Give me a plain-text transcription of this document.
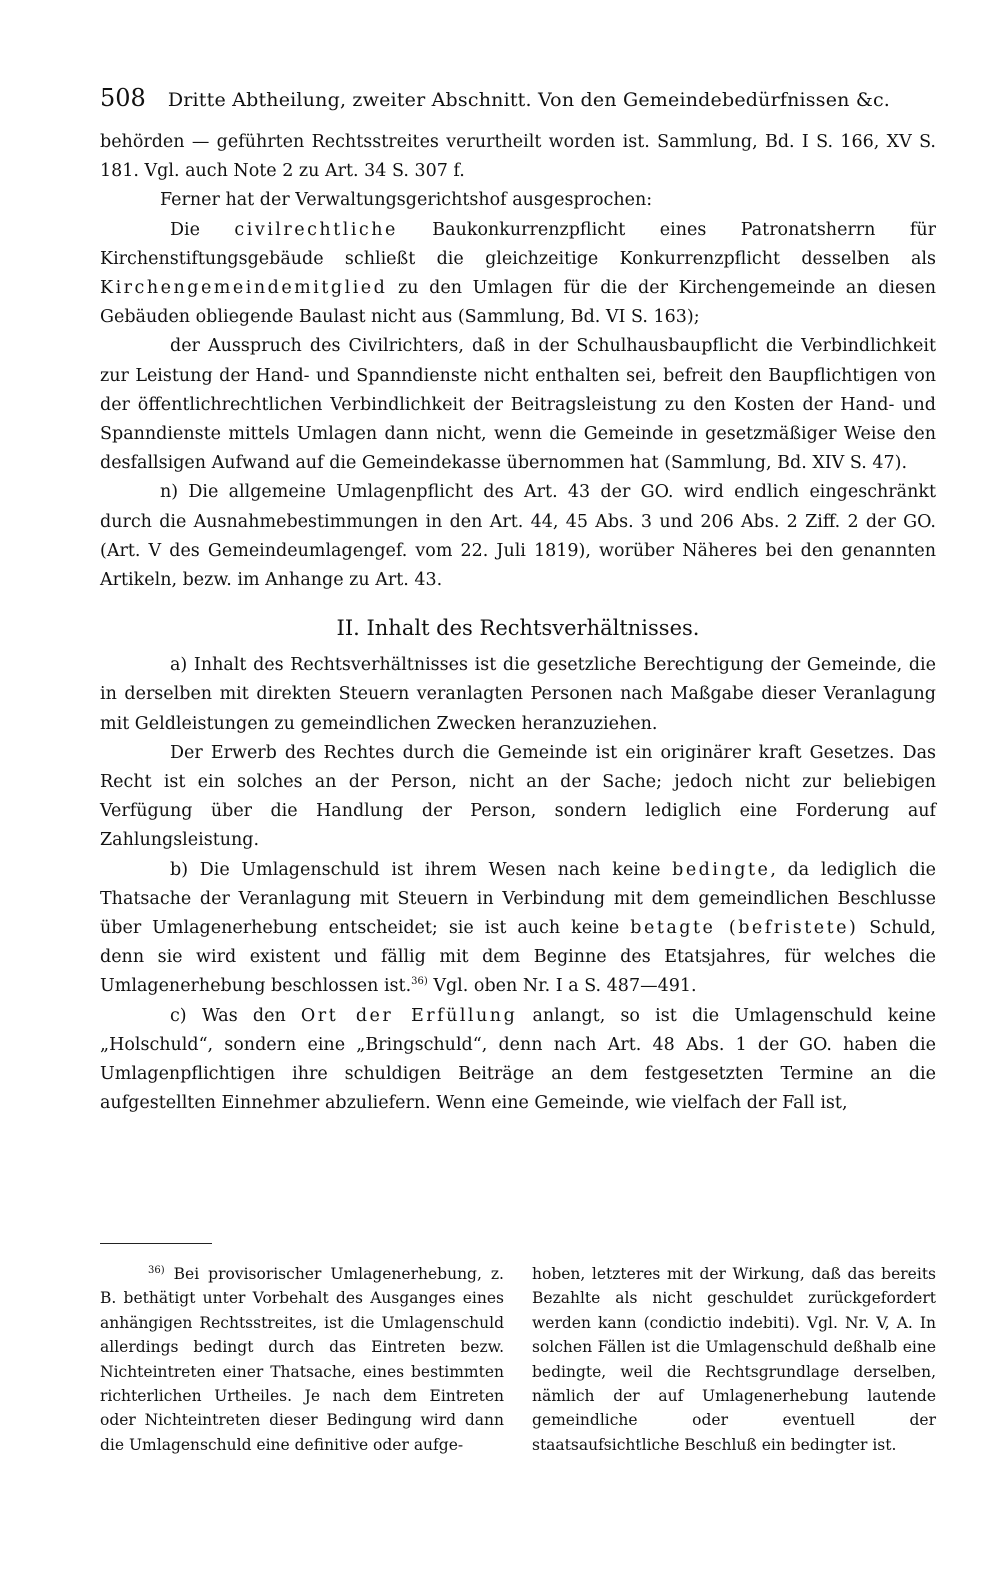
508 Dritte Abtheilung, zweiter Abschnitt. Von den Gemeindebedürfnissen &c.

behörden — geführten Rechtsstreites verurtheilt worden ist. Sammlung, Bd. I S. 166, XV S. 181. Vgl. auch Note 2 zu Art. 34 S. 307 f.

Ferner hat der Verwaltungsgerichtshof ausgesprochen:

Die civilrechtliche Baukonkurrenzpflicht eines Patronatsherrn für Kirchenstiftungsgebäude schließt die gleichzeitige Konkurrenzpflicht desselben als Kirchengemeindemitglied zu den Umlagen für die der Kirchengemeinde an diesen Gebäuden obliegende Baulast nicht aus (Sammlung, Bd. VI S. 163);

der Ausspruch des Civilrichters, daß in der Schulhausbaupflicht die Verbindlichkeit zur Leistung der Hand- und Spanndienste nicht enthalten sei, befreit den Baupflichtigen von der öffentlichrechtlichen Verbindlichkeit der Beitragsleistung zu den Kosten der Hand- und Spanndienste mittels Umlagen dann nicht, wenn die Gemeinde in gesetzmäßiger Weise den desfallsigen Aufwand auf die Gemeindekasse übernommen hat (Sammlung, Bd. XIV S. 47).

n) Die allgemeine Umlagenpflicht des Art. 43 der GO. wird endlich eingeschränkt durch die Ausnahmebestimmungen in den Art. 44, 45 Abs. 3 und 206 Abs. 2 Ziff. 2 der GO. (Art. V des Gemeindeumlagengef. vom 22. Juli 1819), worüber Näheres bei den genannten Artikeln, bezw. im Anhange zu Art. 43.

II. Inhalt des Rechtsverhältnisses.

a) Inhalt des Rechtsverhältnisses ist die gesetzliche Berechtigung der Gemeinde, die in derselben mit direkten Steuern veranlagten Personen nach Maßgabe dieser Veranlagung mit Geldleistungen zu gemeindlichen Zwecken heranzuziehen.

Der Erwerb des Rechtes durch die Gemeinde ist ein originärer kraft Gesetzes. Das Recht ist ein solches an der Person, nicht an der Sache; jedoch nicht zur beliebigen Verfügung über die Handlung der Person, sondern lediglich eine Forderung auf Zahlungsleistung.

b) Die Umlagenschuld ist ihrem Wesen nach keine bedingte, da lediglich die Thatsache der Veranlagung mit Steuern in Verbindung mit dem gemeindlichen Beschlusse über Umlagenerhebung entscheidet; sie ist auch keine betagte (befristete) Schuld, denn sie wird existent und fällig mit dem Beginne des Etatsjahres, für welches die Umlagenerhebung beschlossen ist.$^{36)}$ Vgl. oben Nr. I a S. 487—491.

c) Was den Ort der Erfüllung anlangt, so ist die Umlagenschuld keine „Holschuld“, sondern eine „Bringschuld“, denn nach Art. 48 Abs. 1 der GO. haben die Umlagenpflichtigen ihre schuldigen Beiträge an dem festgesetzten Termine an die aufgestellten Einnehmer abzuliefern. Wenn eine Gemeinde, wie vielfach der Fall ist,

$^{36)}$ Bei provisorischer Umlagenerhebung, z. B. bethätigt unter Vorbehalt des Ausganges eines anhängigen Rechtsstreites, ist die Umlagenschuld allerdings bedingt durch das Eintreten bezw. Nichteintreten einer Thatsache, eines bestimmten richterlichen Urtheiles. Je nach dem Eintreten oder Nichteintreten dieser Bedingung wird dann die Umlagenschuld eine definitive oder aufge-

hoben, letzteres mit der Wirkung, daß das bereits Bezahlte als nicht geschuldet zurückgefordert werden kann (condictio indebiti). Vgl. Nr. V, A. In solchen Fällen ist die Umlagenschuld deßhalb eine bedingte, weil die Rechtsgrundlage derselben, nämlich der auf Umlagenerhebung lautende gemeindliche oder eventuell der staatsaufsichtliche Beschluß ein bedingter ist.
